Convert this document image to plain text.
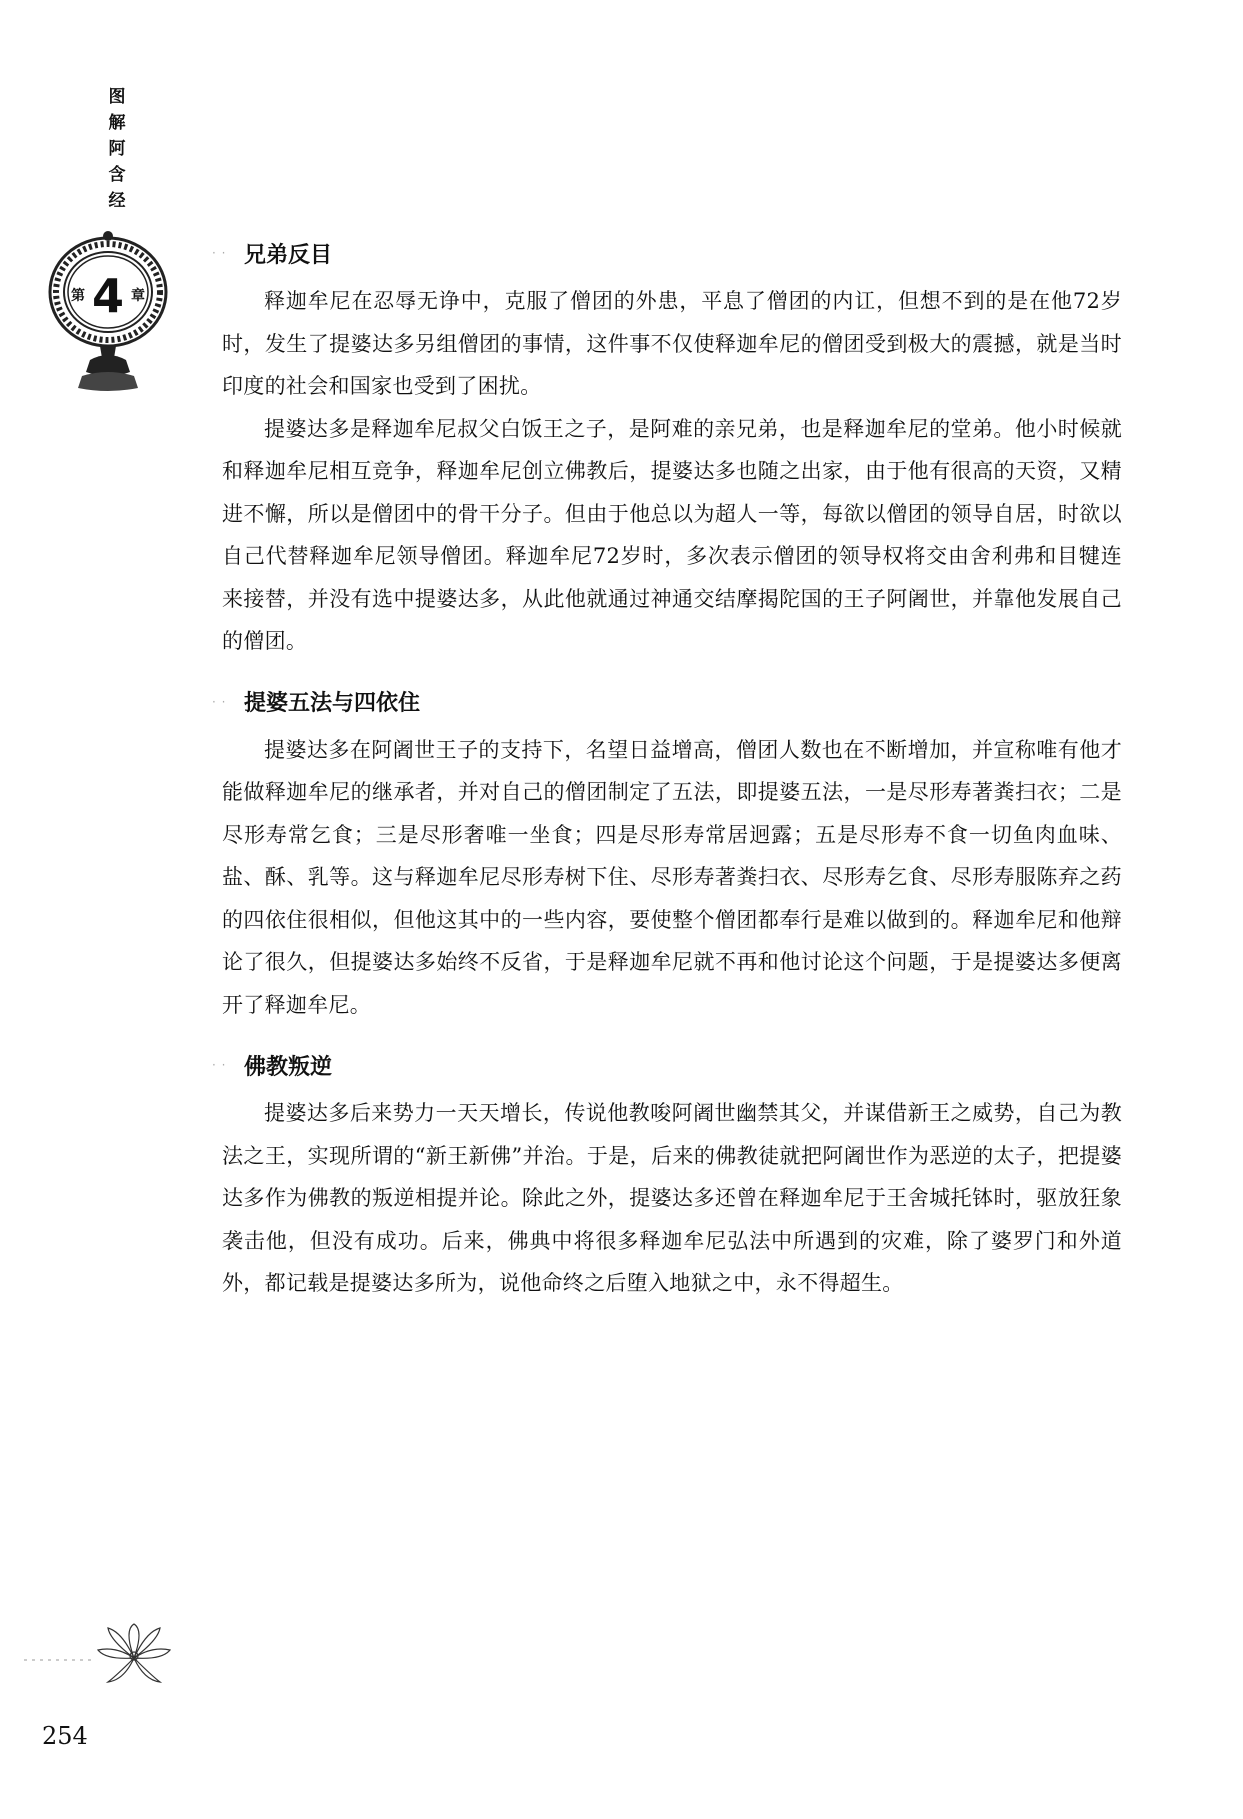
图
解
阿
含
经
第 4 章
· · 兄弟反目

释迦牟尼在忍辱无诤中，克服了僧团的外患，平息了僧团的内讧，但想不到的是在他72岁时，发生了提婆达多另组僧团的事情，这件事不仅使释迦牟尼的僧团受到极大的震撼，就是当时印度的社会和国家也受到了困扰。

提婆达多是释迦牟尼叔父白饭王之子，是阿难的亲兄弟，也是释迦牟尼的堂弟。他小时候就和释迦牟尼相互竞争，释迦牟尼创立佛教后，提婆达多也随之出家，由于他有很高的天资，又精进不懈，所以是僧团中的骨干分子。但由于他总以为超人一等，每欲以僧团的领导自居，时欲以自己代替释迦牟尼领导僧团。释迦牟尼72岁时，多次表示僧团的领导权将交由舍利弗和目犍连来接替，并没有选中提婆达多，从此他就通过神通交结摩揭陀国的王子阿阇世，并靠他发展自己的僧团。

· · 提婆五法与四依住

提婆达多在阿阇世王子的支持下，名望日益增高，僧团人数也在不断增加，并宣称唯有他才能做释迦牟尼的继承者，并对自己的僧团制定了五法，即提婆五法，一是尽形寿著粪扫衣；二是尽形寿常乞食；三是尽形奢唯一坐食；四是尽形寿常居迥露；五是尽形寿不食一切鱼肉血味、盐、酥、乳等。这与释迦牟尼尽形寿树下住、尽形寿著粪扫衣、尽形寿乞食、尽形寿服陈弃之药的四依住很相似，但他这其中的一些内容，要使整个僧团都奉行是难以做到的。释迦牟尼和他辩论了很久，但提婆达多始终不反省，于是释迦牟尼就不再和他讨论这个问题，于是提婆达多便离开了释迦牟尼。

· · 佛教叛逆

提婆达多后来势力一天天增长，传说他教唆阿阇世幽禁其父，并谋借新王之威势，自己为教法之王，实现所谓的“新王新佛”并治。于是，后来的佛教徒就把阿阇世作为恶逆的太子，把提婆达多作为佛教的叛逆相提并论。除此之外，提婆达多还曾在释迦牟尼于王舍城托钵时，驱放狂象袭击他，但没有成功。后来，佛典中将很多释迦牟尼弘法中所遇到的灾难，除了婆罗门和外道外，都记载是提婆达多所为，说他命终之后堕入地狱之中，永不得超生。

254
